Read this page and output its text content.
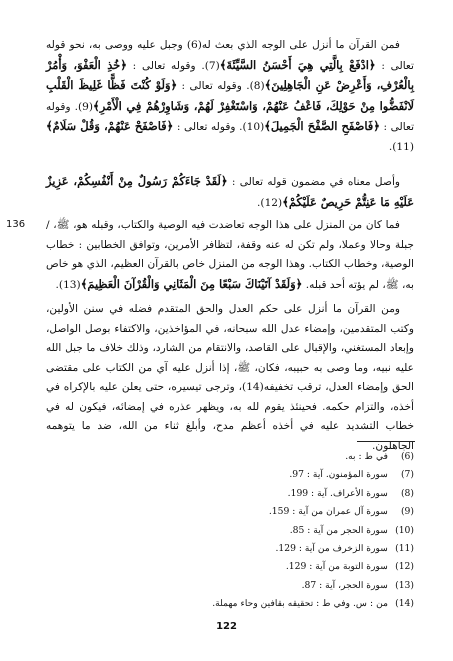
فمن القرآن ما أنزل على الوجه الذي بعث له(6) وجبل عليه ووصى به، نحو قوله تعالى : ﴿ادْفَعْ بِالَّتِي هِيَ أَحْسَنُ السَّيِّئَةَ﴾(7). وقوله تعالى : ﴿خُذِ الْعَفْوَ، وَأْمُرْ بِالْعُرْفِ، وَأَعْرِضْ عَنِ الْجَاهِلِينَ﴾(8). وقوله تعالى : ﴿وَلَوْ كُنْتَ فَظًّا غَلِيظَ الْقَلْبِ لَانْفَضُّوا مِنْ حَوْلِكَ، فَاعْفُ عَنْهُمْ، وَاسْتَغْفِرْ لَهُمْ، وَشَاوِرْهُمْ فِي الْأَمْرِ﴾(9). وقوله تعالى : ﴿فَاصْفَحِ الصَّفْحَ الْجَمِيلَ﴾(10). وقوله تعالى : ﴿فَاصْفَحْ عَنْهُمْ، وَقُلْ سَلَامٌ﴾(11).

وأصل معناه في مضمون قوله تعالى : ﴿لَقَدْ جَاءَكُمْ رَسُولٌ مِنْ أَنْفُسِكُمْ، عَزِيزٌ عَلَيْهِ مَا عَنِتُّمْ حَرِيصٌ عَلَيْكُمْ﴾(12).

136 فما كان من المنزل على هذا الوجه تعاضدت فيه الوصية والكتاب، وقبله هو، ﷺ، / جبلة وحالا وعملا، ولم تكن له عنه وقفة، لتظافر الأمرين، وتوافق الخطابين : خطاب الوصية، وخطاب الكتاب. وهذا الوجه من المنزل خاص بالقرآن العظيم، الذي هو خاص به، ﷺ، لم يؤته أحد قبله. ﴿وَلَقَدْ آتَيْنَاكَ سَبْعًا مِنَ الْمَثَانِي وَالْقُرْآنَ الْعَظِيمَ﴾(13).

ومن القرآن ما أنزل على حكم العدل والحق المتقدم فضله في سنن الأولين، وكتب المتقدمين، وإمضاء عدل الله سبحانه، في المؤاخذين، والاكتفاء بوصل الواصل، وإبعاد المستغني، والإقبال على القاصد، والانتقام من الشارد، وذلك خلاف ما جبل الله عليه نبيه، وما وصى به حبيبه، فكان، ﷺ، إذا أنزل عليه آي من الكتاب على مقتضى الحق وإمضاء العدل، ترقب تخفيفه(14)، وترجى تيسيره، حتى يعلن عليه بالإكراه في أخذه، والتزام حكمه. فحينئذ يقوم لله به، ويظهر عذره في إمضائه، فيكون له في خطاب التشديد عليه في أخذه أعظم مدح، وأبلغ ثناء من الله، ضد ما يتوهمه الجاهلون.

(6)
في ط : به.
(7)
سورة المؤمنون. آية : 97.
(8)
سورة الأعراف. آية : 199.
(9)
سورة آل عمران من آية : 159.
(10)
سورة الحجر من آية : 85.
(11)
سورة الزخرف من آية : 129.
(12)
سورة التوبة من آية : 129.
(13)
سورة الحجر، آية : 87.
(14)
من : س. وفي ط : تحقيقه بقافين وحاء مهملة.
122
